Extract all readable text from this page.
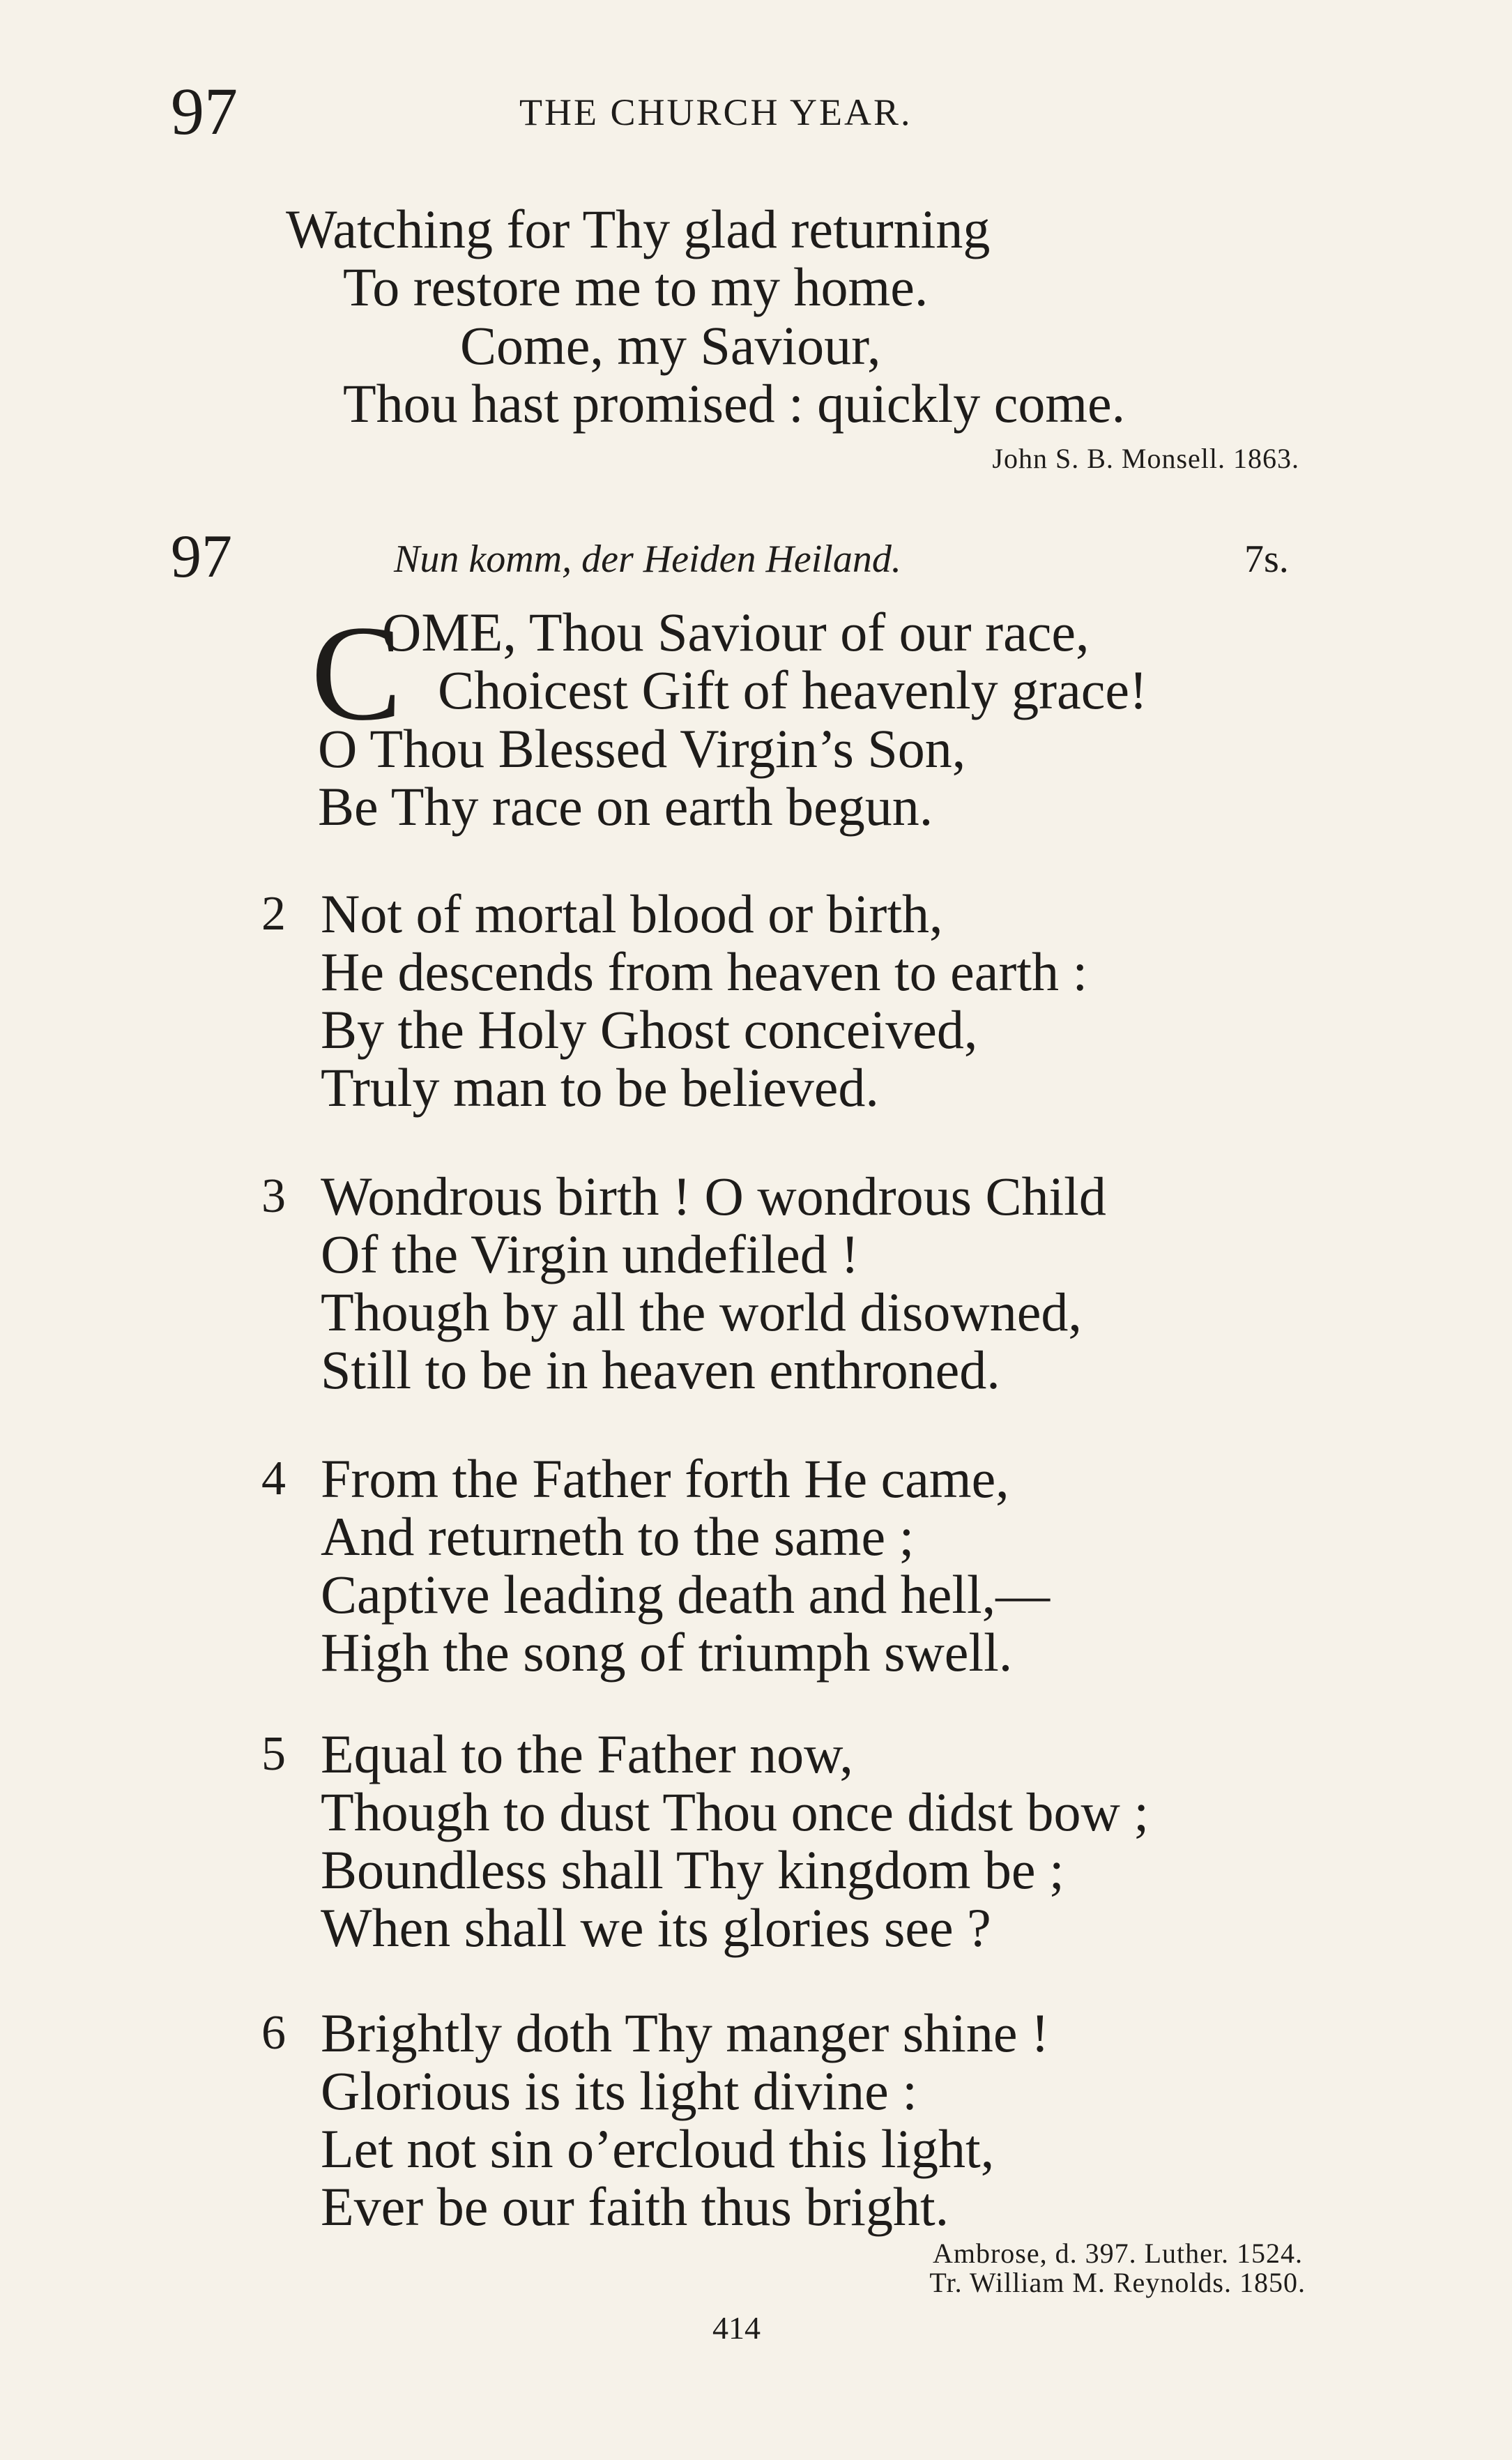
97	THE CHURCH YEAR.
Watching for Thy glad returning
To restore me to my home.
Come, my Saviour,
Thou hast promised : quickly come.
John S. B. Monsell. 1863.
97	Nun komm, der Heiden Heiland.	7s.
C
OME, Thou Saviour of our race,
Choicest Gift of heavenly grace!
O Thou Blessed Virgin’s Son,
Be Thy race on earth begun.
2 Not of mortal blood or birth,
He descends from heaven to earth :
By the Holy Ghost conceived,
Truly man to be believed.
3 Wondrous birth ! O wondrous Child
Of the Virgin undefiled !
Though by all the world disowned,
Still to be in heaven enthroned.
4 From the Father forth He came,
And returneth to the same ;
Captive leading death and hell,—
High the song of triumph swell.
5 Equal to the Father now,
Though to dust Thou once didst bow ;
Boundless shall Thy kingdom be ;
When shall we its glories see ?
6 Brightly doth Thy manger shine !
Glorious is its light divine :
Let not sin o’ercloud this light,
Ever be our faith thus bright.
Ambrose, d. 397. Luther. 1524.
Tr. William M. Reynolds. 1850.
414
